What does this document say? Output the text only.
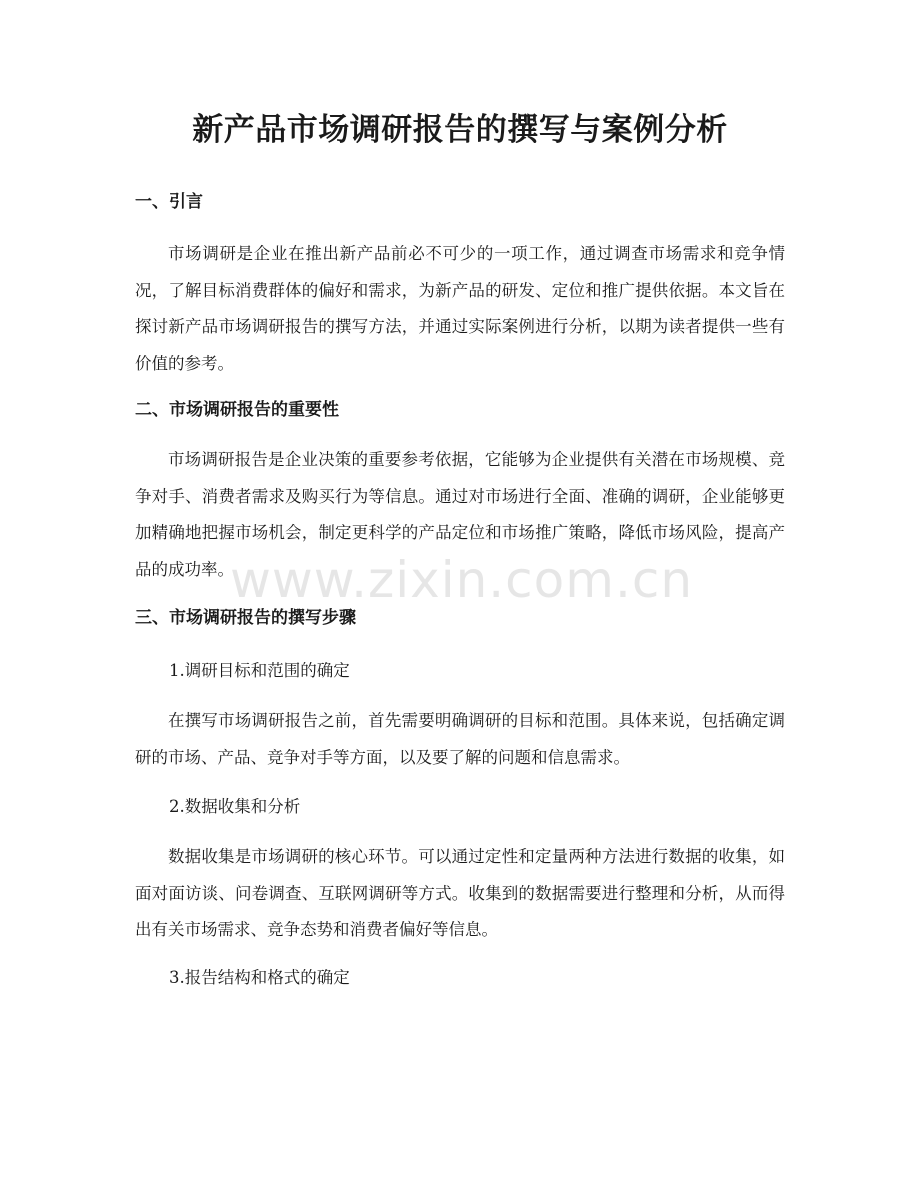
新产品市场调研报告的撰写与案例分析
一、引言

市场调研是企业在推出新产品前必不可少的一项工作，通过调查市场需求和竞争情况，了解目标消费群体的偏好和需求，为新产品的研发、定位和推广提供依据。本文旨在探讨新产品市场调研报告的撰写方法，并通过实际案例进行分析，以期为读者提供一些有价值的参考。

二、市场调研报告的重要性

市场调研报告是企业决策的重要参考依据，它能够为企业提供有关潜在市场规模、竞争对手、消费者需求及购买行为等信息。通过对市场进行全面、准确的调研，企业能够更加精确地把握市场机会，制定更科学的产品定位和市场推广策略，降低市场风险，提高产品的成功率。

三、市场调研报告的撰写步骤

1.调研目标和范围的确定

在撰写市场调研报告之前，首先需要明确调研的目标和范围。具体来说，包括确定调研的市场、产品、竞争对手等方面，以及要了解的问题和信息需求。

2.数据收集和分析

数据收集是市场调研的核心环节。可以通过定性和定量两种方法进行数据的收集，如面对面访谈、问卷调查、互联网调研等方式。收集到的数据需要进行整理和分析，从而得出有关市场需求、竞争态势和消费者偏好等信息。

3.报告结构和格式的确定

www.zixin.com.cn
